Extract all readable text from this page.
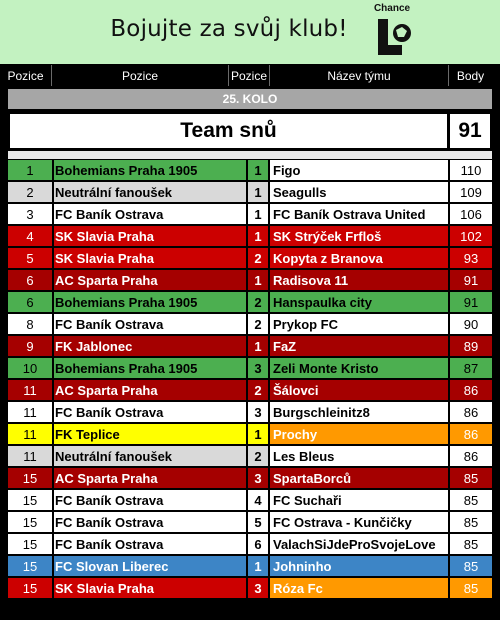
Bojujte za svůj klub!
Chance
Pozice	Pozice	Pozice	Název týmu	Body
25. KOLO
Team snů	91
1	Bohemians Praha 1905	1 Figo	110
2	Neutrální fanoušek	1 Seagulls	109
3	FC Baník Ostrava	1 FC Baník Ostrava United	106
4	SK Slavia Praha	1 SK Strýček Frfloš	102
5	SK Slavia Praha	2 Kopyta z Branova	93
6	AC Sparta Praha	1 Radisova 11	91
6	Bohemians Praha 1905	2 Hanspaulka city	91
8	FC Baník Ostrava	2 Prykop FC	90
9	FK Jablonec	1 FaZ	89
10	Bohemians Praha 1905	3 Zeli Monte Kristo	87
11	AC Sparta Praha	2 Šálovci	86
11	FC Baník Ostrava	3 Burgschleinitz8	86
11	FK Teplice	1 Prochy	86
11	Neutrální fanoušek	2 Les Bleus	86
15	AC Sparta Praha	3 SpartaBorců	85
15	FC Baník Ostrava	4 FC Suchaři	85
15	FC Baník Ostrava	5 FC Ostrava - Kunčičky	85
15	FC Baník Ostrava	6 ValachSiJdeProSvojeLove	85
15	FC Slovan Liberec	1 Johninho	85
15	SK Slavia Praha	3 Róza Fc	85
